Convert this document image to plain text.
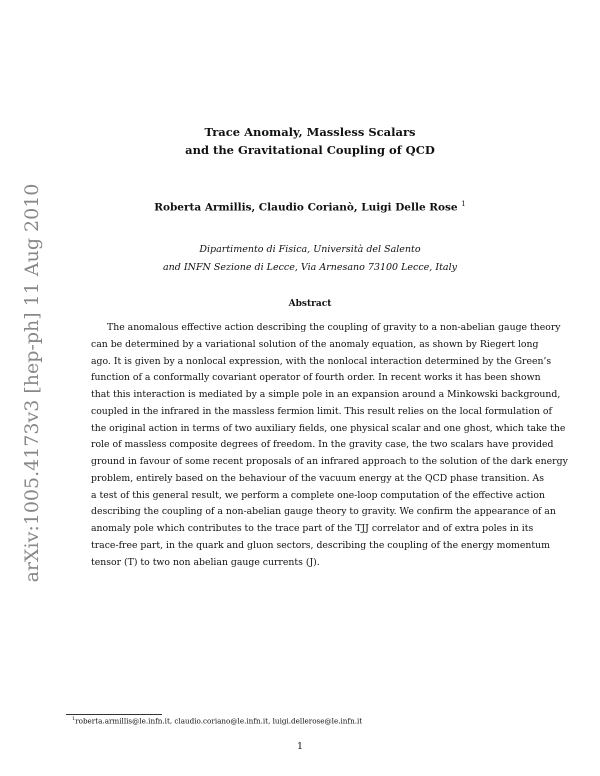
arXiv:1005.4173v3 [hep-ph] 11 Aug 2010
Trace Anomaly, Massless Scalars
and the Gravitational Coupling of QCD
Roberta Armillis, Claudio Corianò, Luigi Delle Rose $^1$
Dipartimento di Fisica, Università del Salento
and INFN Sezione di Lecce, Via Arnesano 73100 Lecce, Italy
Abstract
The anomalous effective action describing the coupling of gravity to a non-abelian gauge theory
can be determined by a variational solution of the anomaly equation, as shown by Riegert long
ago. It is given by a nonlocal expression, with the nonlocal interaction determined by the Green’s
function of a conformally covariant operator of fourth order. In recent works it has been shown
that this interaction is mediated by a simple pole in an expansion around a Minkowski background,
coupled in the infrared in the massless fermion limit. This result relies on the local formulation of
the original action in terms of two auxiliary fields, one physical scalar and one ghost, which take the
role of massless composite degrees of freedom. In the gravity case, the two scalars have provided
ground in favour of some recent proposals of an infrared approach to the solution of the dark energy
problem, entirely based on the behaviour of the vacuum energy at the QCD phase transition. As
a test of this general result, we perform a complete one-loop computation of the effective action
describing the coupling of a non-abelian gauge theory to gravity. We confirm the appearance of an
anomaly pole which contributes to the trace part of the TJJ correlator and of extra poles in its
trace-free part, in the quark and gluon sectors, describing the coupling of the energy momentum
tensor (T) to two non abelian gauge currents (J).
$^1$roberta.armillis@le.infn.it, claudio.coriano@le.infn.it, luigi.dellerose@le.infn.it
1
